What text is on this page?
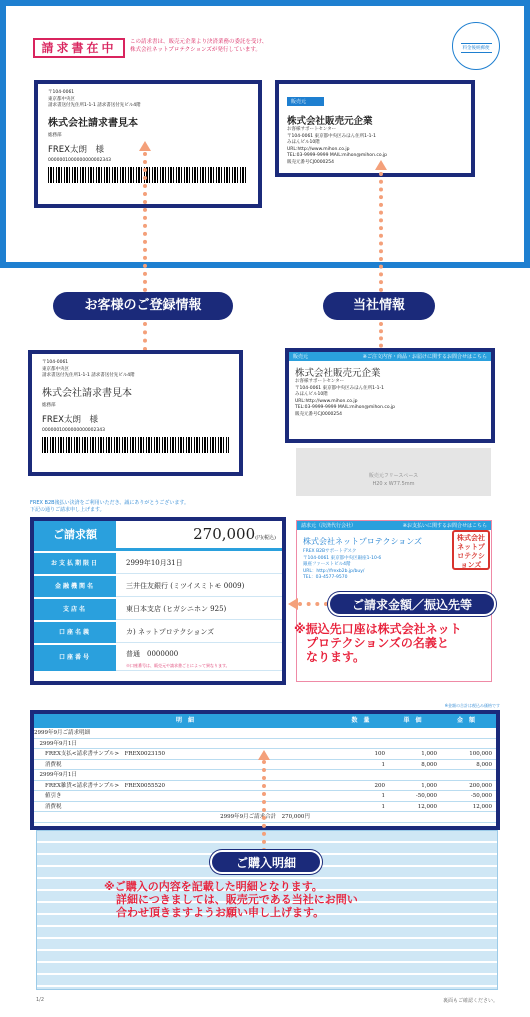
請求書在中	この請求書は、販売元企業より決済業務の委託を受け、
株式会社ネットプロテクションズが発行しています。	料金後納郵便
〒104-0061
東京都中央区
請求書送付先住所1-1-1 請求書送付先ビル4階
株式会社請求書見本
総務部
FREX太朗　様
0000001000000000002343
販売元
株式会社販売元企業
お客様サポートセンター
〒104-0061 東京都中央区みほん住所1-1-1
みほんビル10階
URL:http://www.mihon.co.jp
TEL:03-9999-9999 MAIL:mihon@mihon.co.jp
販売元番号CJ0000254
お客様のご登録情報	当社情報
〒104-0061
東京都中央区
請求書送付先住所1-1-1 請求書送付先ビル4階
株式会社請求書見本
総務部
FREX太朗　様
0000001000000000002343
販売元	※ご注文内容・商品・お届けに関するお問合せはこちら
株式会社販売元企業
お客様サポートセンター
〒104-0061 東京都中央区みほん住所1-1-1
みほんビル10階
URL:http://www.mihon.co.jp
TEL:03-9999-9999 MAIL:mihon@mihon.co.jp
販売元番号CJ0000254
販売元フリースペース
H20 x W77.5mm
FREX B2B後払い決済をご利用いただき、誠にありがとうございます。
下記の通りご請求申し上げます。
ご請求額	270,000(円(税込)
お支払期限日	2999年10月31日
金融機関名	三井住友銀行 (ミツイスミトモ 0009)
支店名	東日本支店 (ヒガシニホン 925)
口座名義	カ) ネットプロテクションズ
口座番号	普通　0000000
※口座番号は、販売元や請求書ごとによって異なります。
請求元（決済代行会社）	※お支払いに関するお問合せはこちら
株式会社ネットプロテクションズ
FREX B2Bサポートデスク
〒104-0061 東京都中央区銀座1-10-6
銀座ファーストビル4階
URL：http://frexb2b.jp/buy/
TEL：03-4577-9570
株式会社ネットプロテクションズ
ご請求金額／振込先等
※振込先口座は株式会社ネット
プロテクションズの名義と
なります。
※金額の合計は税込み価格です
明　細	数　量	単　価	金　額
2999年9月ご請求明細
　2999年9月1日
　　FREX支払<請求書サンプル>　FREX0023150	100	1,000	100,000
　　消費税	1	8,000	8,000
　2999年9月1日
　　FREX雑貨<請求書サンプル>　FREX0055520	200	1,000	200,000
　　値引き	1	-50,000	-50,000
　　消費税	1	12,000	12,000
2999年9月ご請求合計　270,000円
ご購入明細
※ご購入の内容を記載した明細となります。
詳細につきましては、販売元である当社にお問い
合わせ頂きますようお願い申し上げます。
1/2	裏面もご確認ください。
